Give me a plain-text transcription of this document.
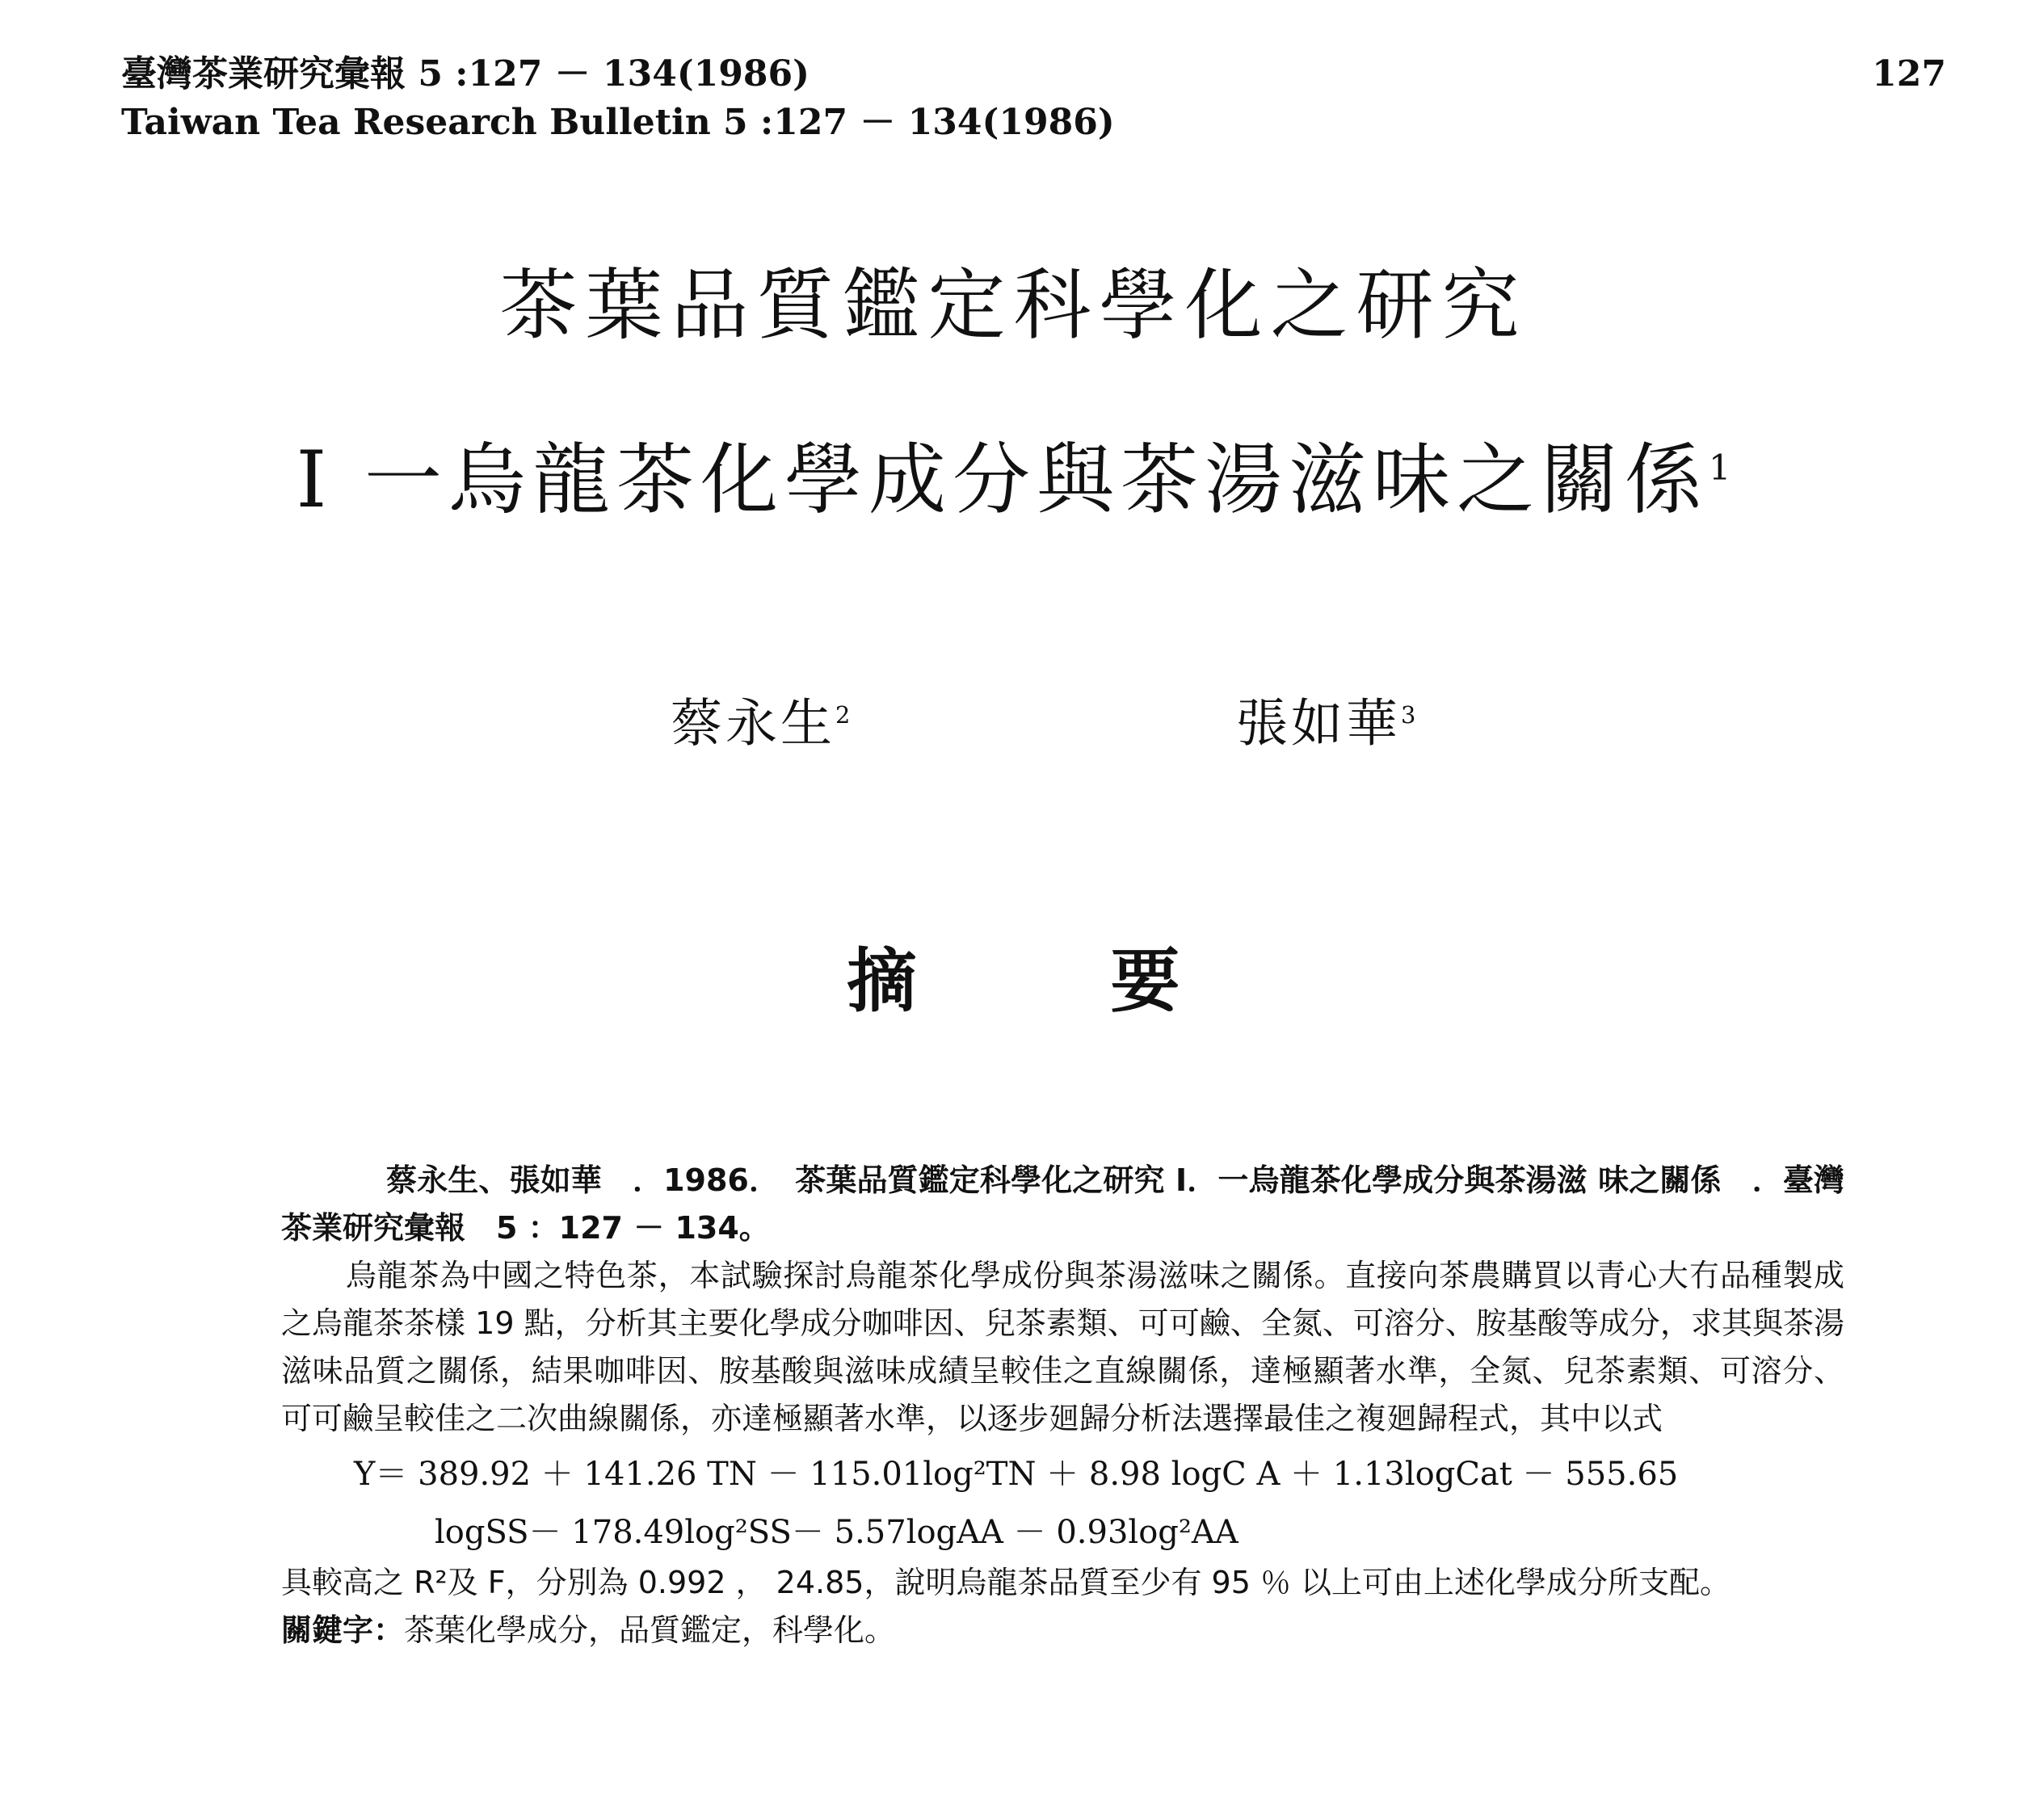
臺灣茶業研究彙報 5 :127 － 134(1986)
Taiwan Tea Research Bulletin 5 :127 － 134(1986)
127
茶葉品質鑑定科學化之研究
I 一烏龍茶化學成分與茶湯滋味之關係$^1$
蔡永生$^2$	張如華$^3$
摘	要

蔡永生、張如華　．1986．　茶葉品質鑑定科學化之研究 I．一烏龍茶化學成分與茶湯滋 味之關係　．臺灣茶業研究彙報　5 ：127 － 134。

烏龍茶為中國之特色茶，本試驗探討烏龍茶化學成份與茶湯滋味之關係。直接向茶農購買以青心大冇品種製成之烏龍茶茶樣 19 點，分析其主要化學成分咖啡因、兒茶素類、可可鹼、全氮、可溶分、胺基酸等成分，求其與茶湯滋味品質之關係，結果咖啡因、胺基酸與滋味成績呈較佳之直線關係，達極顯著水準，全氮、兒茶素類、可溶分、可可鹼呈較佳之二次曲線關係，亦達極顯著水準，以逐步廻歸分析法選擇最佳之複廻歸程式，其中以式

Y＝ 389.92 ＋ 141.26 TN － 115.01log²TN ＋ 8.98 logC A ＋ 1.13logCat － 555.65
logSS－ 178.49log²SS－ 5.57logAA － 0.93log²AA

具較高之 R²及 F，分別為 0.992 ， 24.85，說明烏龍茶品質至少有 95 ％ 以上可由上述化學成分所支配。

關鍵字：茶葉化學成分，品質鑑定，科學化。
